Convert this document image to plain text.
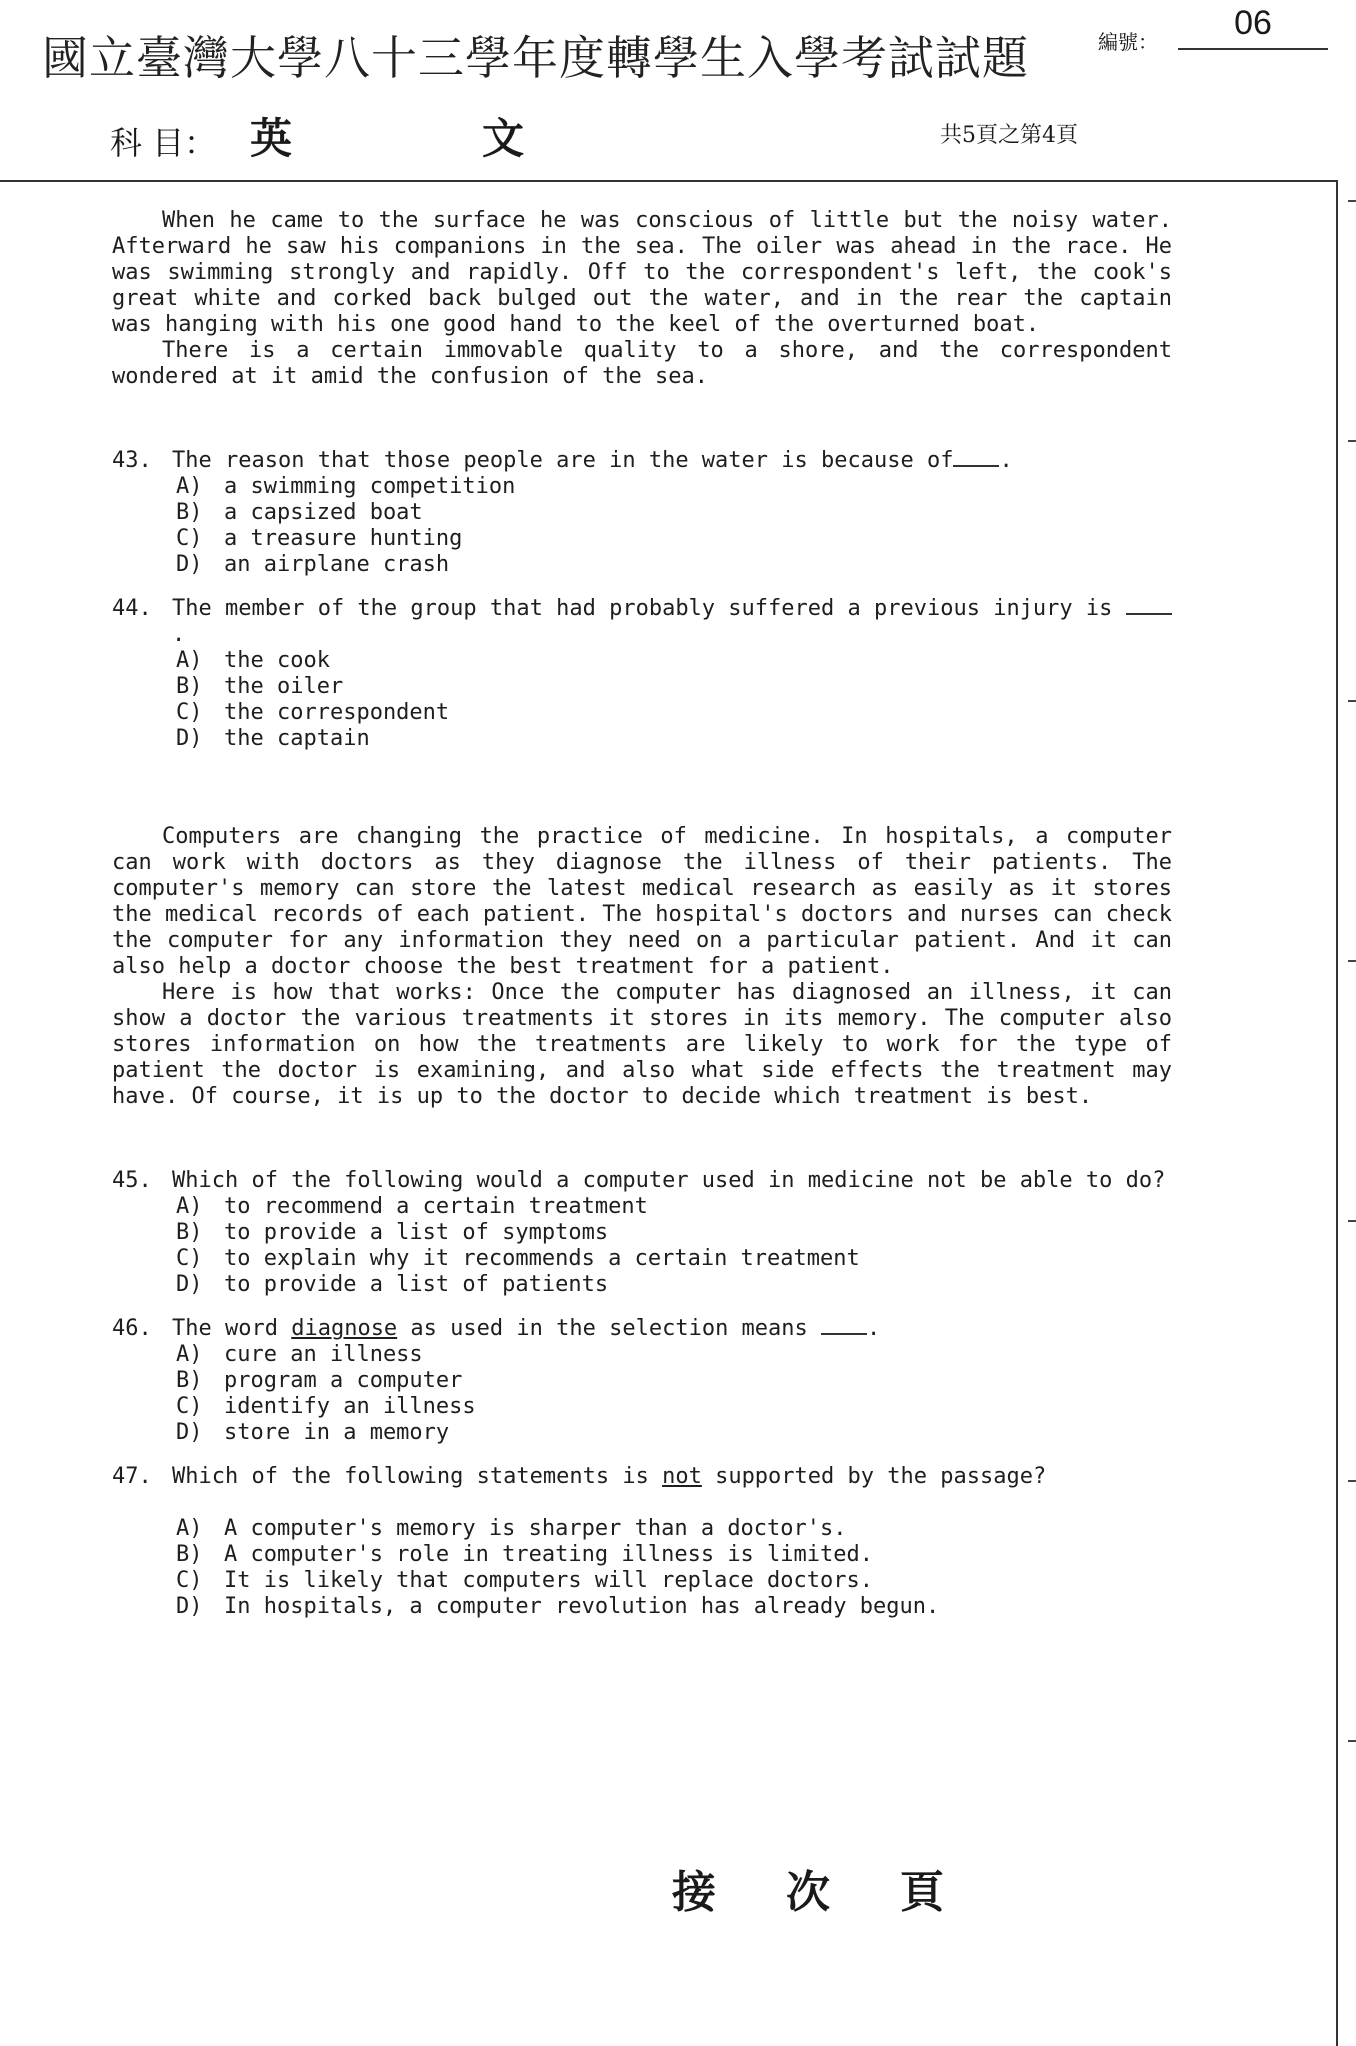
國立臺灣大學八十三學年度轉學生入學考試試題	編號：	06
科 目： 英文	共5頁之第4頁

When he came to the surface he was conscious of little but the noisy water. Afterward he saw his companions in the sea. The oiler was ahead in the race. He was swimming strongly and rapidly. Off to the correspondent's left, the cook's great white and corked back bulged out the water, and in the rear the captain was hanging with his one good hand to the keel of the overturned boat.

There is a certain immovable quality to a shore, and the correspondent wondered at it amid the confusion of the sea.

43. The reason that those people are in the water is because of .
A) a swimming competition
B) a capsized boat
C) a treasure hunting
D) an airplane crash
44. The member of the group that had probably suffered a previous injury is .
A) the cook
B) the oiler
C) the correspondent
D) the captain

Computers are changing the practice of medicine. In hospitals, a computer can work with doctors as they diagnose the illness of their patients. The computer's memory can store the latest medical research as easily as it stores the medical records of each patient. The hospital's doctors and nurses can check the computer for any information they need on a particular patient. And it can also help a doctor choose the best treatment for a patient.

Here is how that works: Once the computer has diagnosed an illness, it can show a doctor the various treatments it stores in its memory. The computer also stores information on how the treatments are likely to work for the type of patient the doctor is examining, and also what side effects the treatment may have. Of course, it is up to the doctor to decide which treatment is best.

45. Which of the following would a computer used in medicine not be able to do?
A) to recommend a certain treatment
B) to provide a list of symptoms
C) to explain why it recommends a certain treatment
D) to provide a list of patients
46. The word diagnose as used in the selection means	.
A) cure an illness
B) program a computer
C) identify an illness
D) store in a memory
47. Which of the following statements is not supported by the passage?
A) A computer's memory is sharper than a doctor's.
B) A computer's role in treating illness is limited.
C) It is likely that computers will replace doctors.
D) In hospitals, a computer revolution has already begun.
接次頁
